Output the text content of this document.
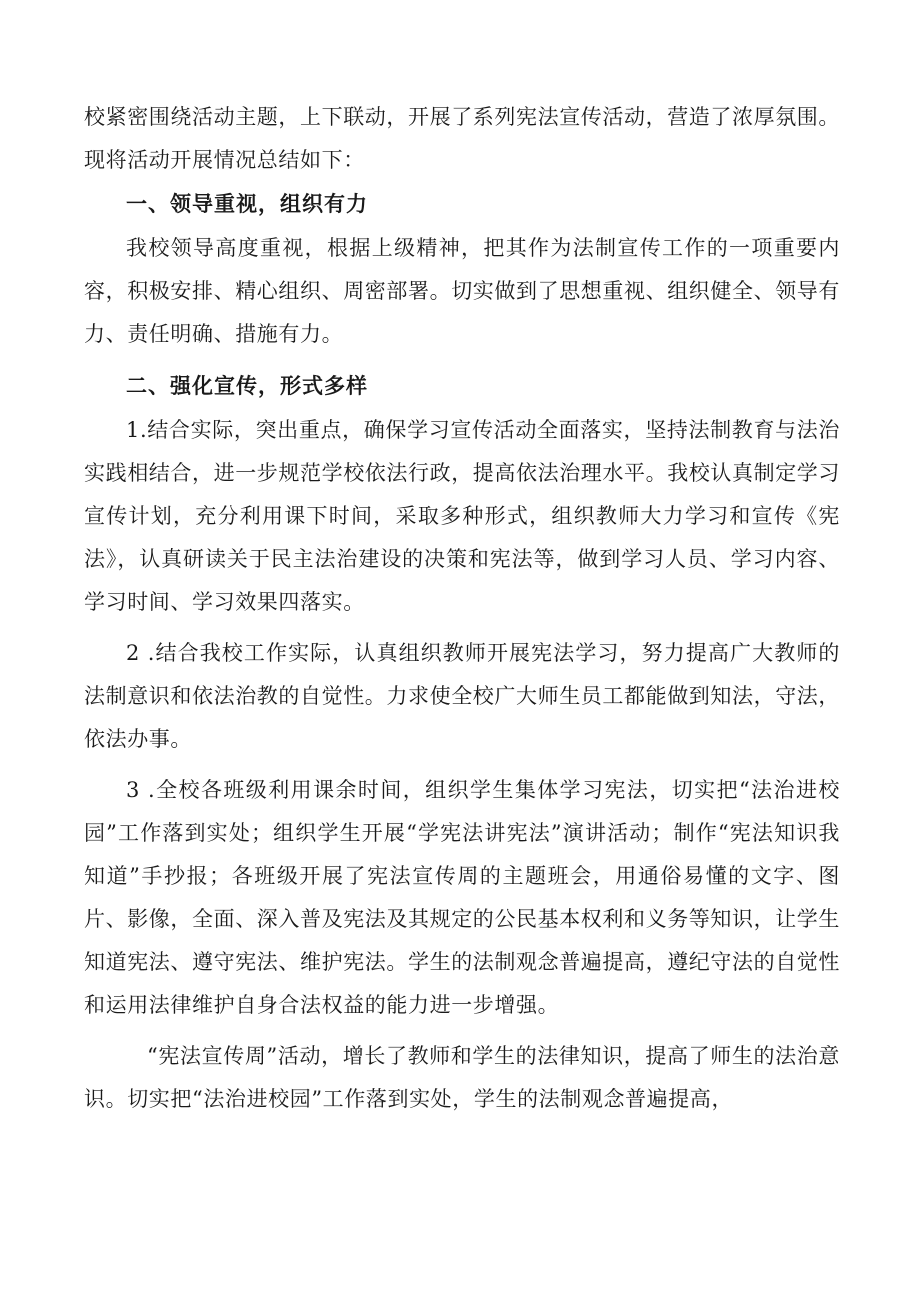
校紧密围绕活动主题，上下联动，开展了系列宪法宣传活动，营造了浓厚氛围。现将活动开展情况总结如下：

一、领导重视，组织有力

我校领导高度重视，根据上级精神，把其作为法制宣传工作的一项重要内容，积极安排、精心组织、周密部署。切实做到了思想重视、组织健全、领导有力、责任明确、措施有力。

二、强化宣传，形式多样

1.结合实际，突出重点，确保学习宣传活动全面落实，坚持法制教育与法治实践相结合，进一步规范学校依法行政，提高依法治理水平。我校认真制定学习宣传计划，充分利用课下时间，采取多种形式，组织教师大力学习和宣传《宪法》，认真研读关于民主法治建设的决策和宪法等，做到学习人员、学习内容、学习时间、学习效果四落实。

2 .结合我校工作实际，认真组织教师开展宪法学习，努力提高广大教师的法制意识和依法治教的自觉性。力求使全校广大师生员工都能做到知法，守法，依法办事。

3 .全校各班级利用课余时间，组织学生集体学习宪法，切实把“法治进校园”工作落到实处；组织学生开展“学宪法讲宪法”演讲活动；制作“宪法知识我知道”手抄报；各班级开展了宪法宣传周的主题班会，用通俗易懂的文字、图片、影像，全面、深入普及宪法及其规定的公民基本权利和义务等知识，让学生知道宪法、遵守宪法、维护宪法。学生的法制观念普遍提高，遵纪守法的自觉性和运用法律维护自身合法权益的能力进一步增强。

“宪法宣传周”活动，增长了教师和学生的法律知识，提高了师生的法治意识。切实把“法治进校园”工作落到实处，学生的法制观念普遍提高，
